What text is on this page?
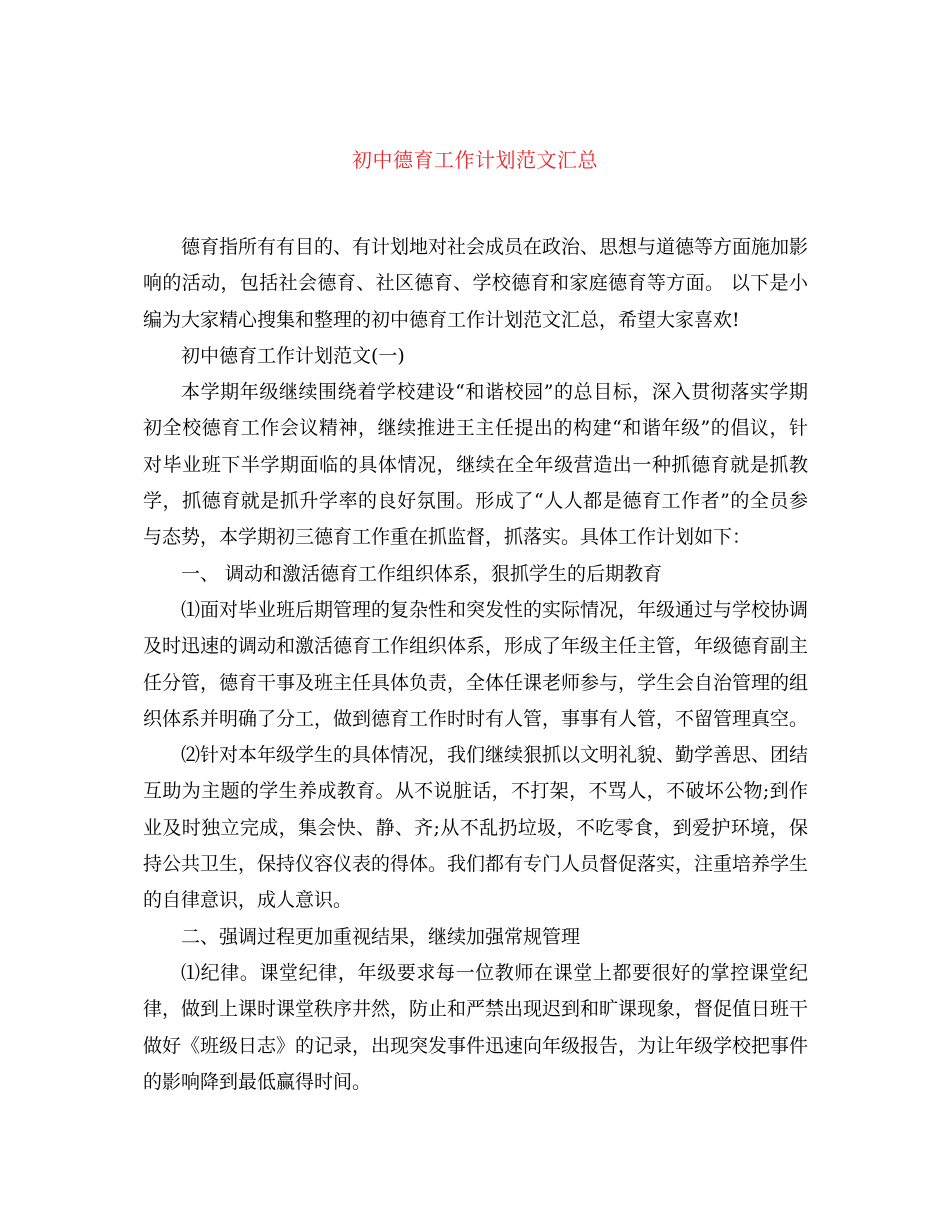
初中德育工作计划范文汇总

德育指所有有目的、有计划地对社会成员在政治、思想与道德等方面施加影响的活动，包括社会德育、社区德育、学校德育和家庭德育等方面。 以下是小编为大家精心搜集和整理的初中德育工作计划范文汇总，希望大家喜欢!

初中德育工作计划范文(一)

本学期年级继续围绕着学校建设“和谐校园”的总目标，深入贯彻落实学期初全校德育工作会议精神，继续推进王主任提出的构建“和谐年级”的倡议，针对毕业班下半学期面临的具体情况，继续在全年级营造出一种抓德育就是抓教学，抓德育就是抓升学率的良好氛围。形成了“人人都是德育工作者”的全员参与态势，本学期初三德育工作重在抓监督，抓落实。具体工作计划如下：

一、 调动和激活德育工作组织体系，狠抓学生的后期教育

⑴面对毕业班后期管理的复杂性和突发性的实际情况，年级通过与学校协调及时迅速的调动和激活德育工作组织体系，形成了年级主任主管，年级德育副主任分管，德育干事及班主任具体负责，全体任课老师参与，学生会自治管理的组织体系并明确了分工，做到德育工作时时有人管，事事有人管，不留管理真空。

⑵针对本年级学生的具体情况，我们继续狠抓以文明礼貌、勤学善思、团结互助为主题的学生养成教育。从不说脏话，不打架，不骂人，不破坏公物;到作业及时独立完成，集会快、静、齐;从不乱扔垃圾，不吃零食，到爱护环境，保持公共卫生，保持仪容仪表的得体。我们都有专门人员督促落实，注重培养学生的自律意识，成人意识。

二、强调过程更加重视结果，继续加强常规管理

⑴纪律。课堂纪律，年级要求每一位教师在课堂上都要很好的掌控课堂纪律，做到上课时课堂秩序井然，防止和严禁出现迟到和旷课现象，督促值日班干做好《班级日志》的记录，出现突发事件迅速向年级报告，为让年级学校把事件的影响降到最低赢得时间。
